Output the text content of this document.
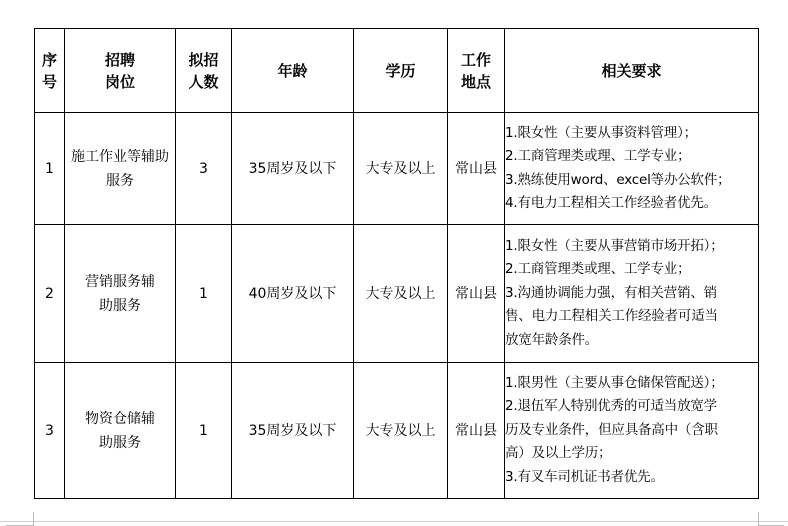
序号	招聘岗位	拟招人数	年龄	学历	工作地点	相关要求
1	施工作业等辅助服务	3	35周岁及以下	大专及以上	常山县	1.限女性（主要从事资料管理）；
2.工商管理类或理、工学专业；
3.熟练使用word、excel等办公软件；
4.有电力工程相关工作经验者优先。

2	营销服务辅助服务	1	40周岁及以下	大专及以上	常山县	1.限女性（主要从事营销市场开拓）；
2.工商管理类或理、工学专业；
3.沟通协调能力强，有相关营销、销
售、电力工程相关工作经验者可适当
放宽年龄条件。

3	物资仓储辅助服务	1	35周岁及以下	大专及以上	常山县	1.限男性（主要从事仓储保管配送）；
2.退伍军人特别优秀的可适当放宽学
历及专业条件，但应具备高中（含职
高）及以上学历；
3.有叉车司机证书者优先。
